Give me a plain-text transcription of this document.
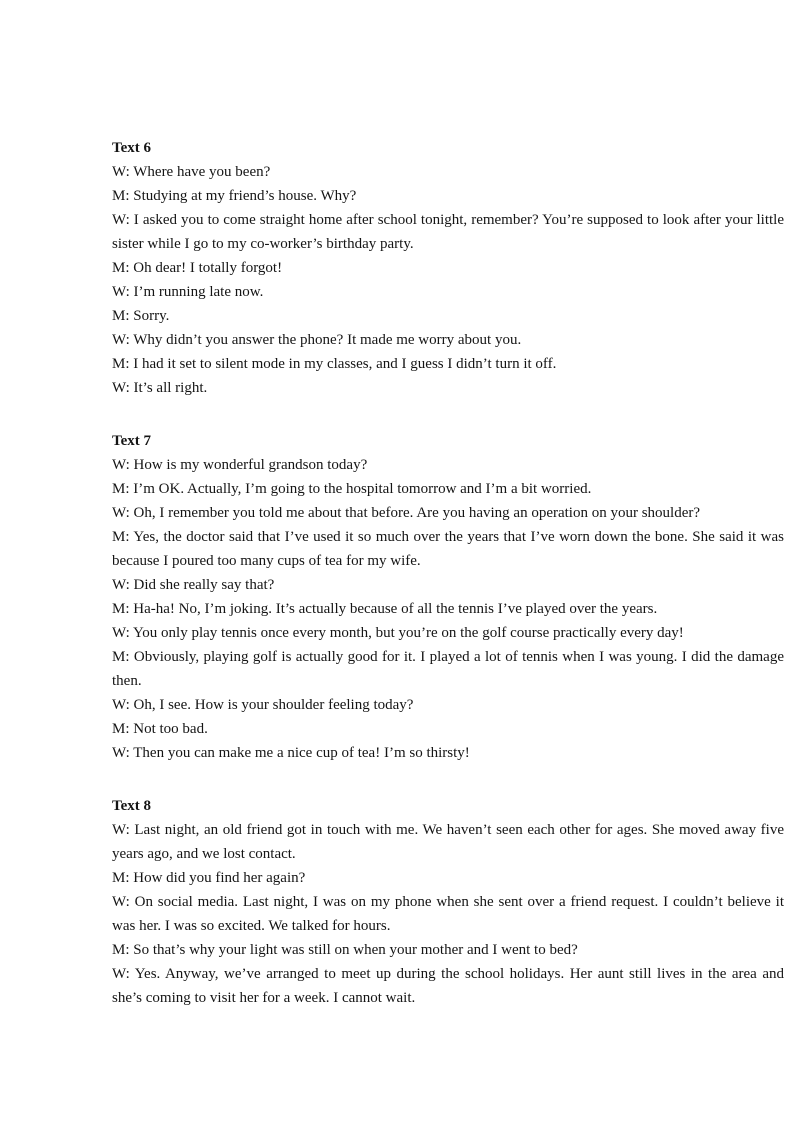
Text 6

W: Where have you been?

M: Studying at my friend’s house. Why?

W: I asked you to come straight home after school tonight, remember? You’re supposed to look after your little sister while I go to my co-worker’s birthday party.

M: Oh dear! I totally forgot!

W: I’m running late now.

M: Sorry.

W: Why didn’t you answer the phone? It made me worry about you.

M: I had it set to silent mode in my classes, and I guess I didn’t turn it off.

W: It’s all right.

Text 7

W: How is my wonderful grandson today?

M: I’m OK. Actually, I’m going to the hospital tomorrow and I’m a bit worried.

W: Oh, I remember you told me about that before. Are you having an operation on your shoulder?

M: Yes, the doctor said that I’ve used it so much over the years that I’ve worn down the bone. She said it was because I poured too many cups of tea for my wife.

W: Did she really say that?

M: Ha-ha! No, I’m joking. It’s actually because of all the tennis I’ve played over the years.

W: You only play tennis once every month, but you’re on the golf course practically every day!

M: Obviously, playing golf is actually good for it. I played a lot of tennis when I was young. I did the damage then.

W: Oh, I see. How is your shoulder feeling today?

M: Not too bad.

W: Then you can make me a nice cup of tea! I’m so thirsty!

Text 8

W: Last night, an old friend got in touch with me. We haven’t seen each other for ages. She moved away five years ago, and we lost contact.

M: How did you find her again?

W: On social media. Last night, I was on my phone when she sent over a friend request. I couldn’t believe it was her. I was so excited. We talked for hours.

M: So that’s why your light was still on when your mother and I went to bed?

W: Yes. Anyway, we’ve arranged to meet up during the school holidays. Her aunt still lives in the area and she’s coming to visit her for a week. I cannot wait.
